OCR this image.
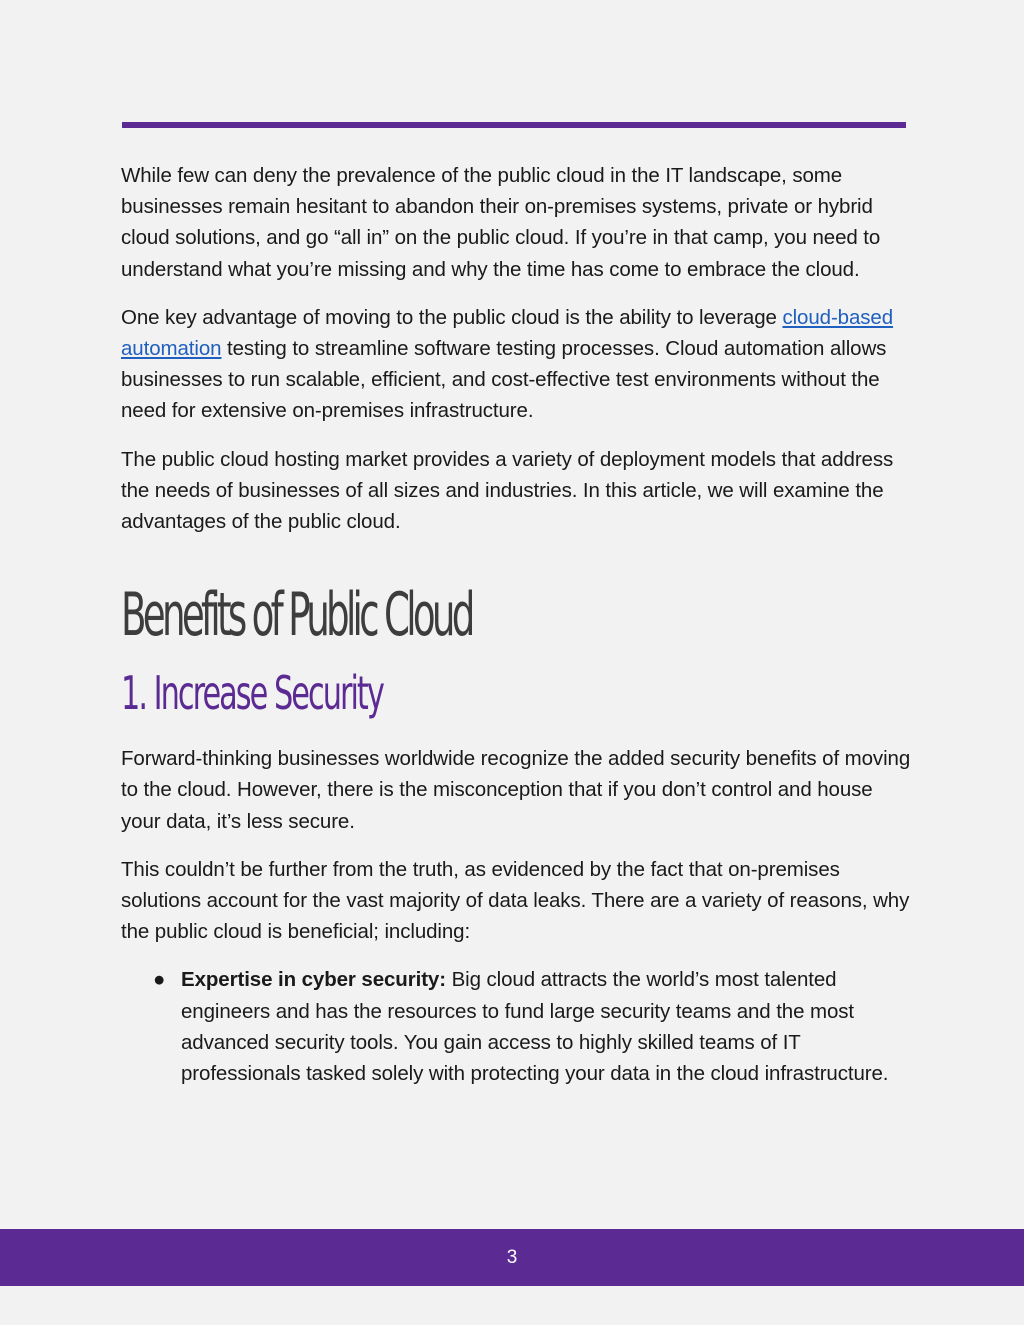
While few can deny the prevalence of the public cloud in the IT landscape, some businesses remain hesitant to abandon their on-premises systems, private or hybrid cloud solutions, and go “all in” on the public cloud. If you’re in that camp, you need to understand what you’re missing and why the time has come to embrace the cloud.

One key advantage of moving to the public cloud is the ability to leverage cloud-based automation testing to streamline software testing processes. Cloud automation allows businesses to run scalable, efficient, and cost-effective test environments without the need for extensive on-premises infrastructure.

The public cloud hosting market provides a variety of deployment models that address the needs of businesses of all sizes and industries. In this article, we will examine the advantages of the public cloud.

Benefits of Public Cloud
1. Increase Security

Forward-thinking businesses worldwide recognize the added security benefits of moving to the cloud. However, there is the misconception that if you don’t control and house your data, it’s less secure.

This couldn’t be further from the truth, as evidenced by the fact that on-premises solutions account for the vast majority of data leaks. There are a variety of reasons, why the public cloud is beneficial; including:

● Expertise in cyber security: Big cloud attracts the world’s most talented engineers and has the resources to fund large security teams and the most advanced security tools. You gain access to highly skilled teams of IT professionals tasked solely with protecting your data in the cloud infrastructure.
3
